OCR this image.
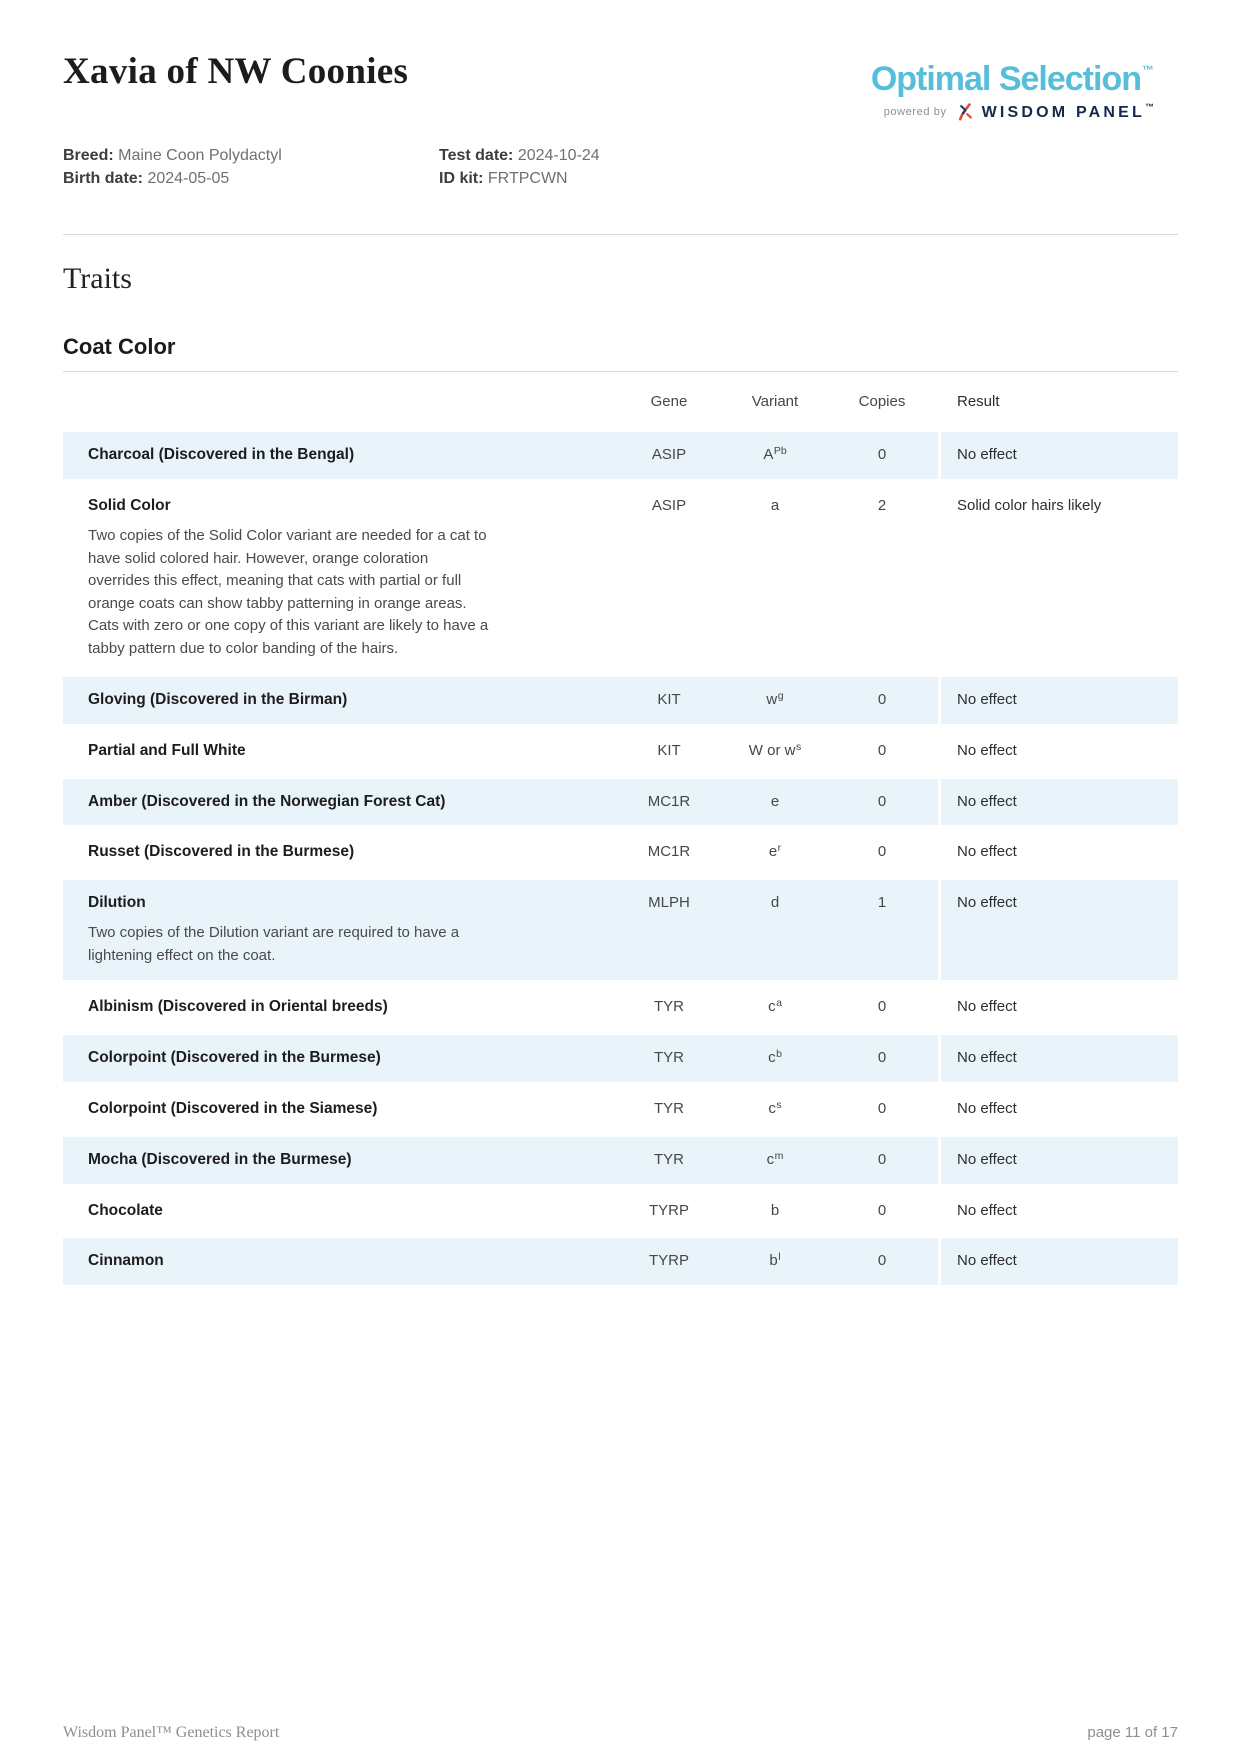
Xavia of NW Coonies	Optimal Selection™
powered by WISDOM PANEL™
Breed: Maine Coon Polydactyl
Birth date: 2024-05-05
Test date: 2024-10-24
ID kit: FRTPCWN
Traits
Coat Color
Gene	Variant	Copies	Result
Charcoal (Discovered in the Bengal)	ASIP	$A^{Pb}$	0	No effect
Solid Color
Two copies of the Solid Color variant are needed for a cat to have solid colored hair. However, orange coloration overrides this effect, meaning that cats with partial or full orange coats can show tabby patterning in orange areas. Cats with zero or one copy of this variant are likely to have a tabby pattern due to color banding of the hairs.
ASIP	a	2	Solid color hairs likely
Gloving (Discovered in the Birman)	KIT	$w^g$	0	No effect
Partial and Full White	KIT	W or $w^s$	0	No effect
Amber (Discovered in the Norwegian Forest Cat)	MC1R	e	0	No effect
Russet (Discovered in the Burmese)	MC1R	$e^r$	0	No effect
Dilution
Two copies of the Dilution variant are required to have a lightening effect on the coat.
MLPH	d	1	No effect
Albinism (Discovered in Oriental breeds)	TYR	$c^a$	0	No effect
Colorpoint (Discovered in the Burmese)	TYR	$c^b$	0	No effect
Colorpoint (Discovered in the Siamese)	TYR	$c^s$	0	No effect
Mocha (Discovered in the Burmese)	TYR	$c^m$	0	No effect
Chocolate	TYRP	b	0	No effect
Cinnamon	TYRP	$b^l$	0	No effect
Wisdom Panel™ Genetics Report	page 11 of 17
